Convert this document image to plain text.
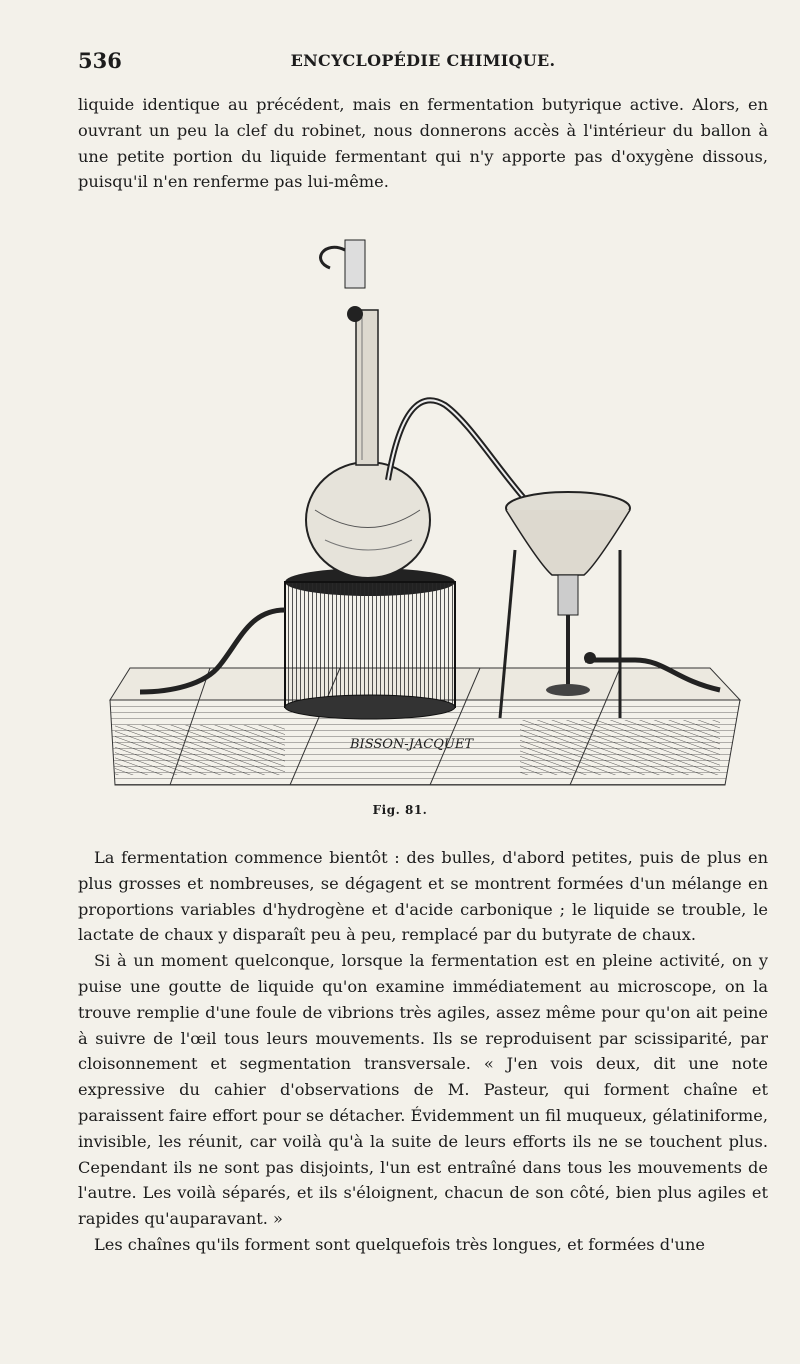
536	ENCYCLOPÉDIE CHIMIQUE.

liquide identique au précédent, mais en fermentation butyrique active. Alors, en ouvrant un peu la clef du robinet, nous donnerons accès à l'intérieur du ballon à une petite portion du liquide fermentant qui n'y apporte pas d'oxygène dissous, puisqu'il n'en renferme pas lui-même.

BISSON-JACQUET
Fig. 81.

La fermentation commence bientôt : des bulles, d'abord petites, puis de plus en plus grosses et nombreuses, se dégagent et se montrent formées d'un mélange en proportions variables d'hydrogène et d'acide carbonique ; le liquide se trouble, le lactate de chaux y disparaît peu à peu, remplacé par du butyrate de chaux.

Si à un moment quelconque, lorsque la fermentation est en pleine activité, on y puise une goutte de liquide qu'on examine immédiatement au microscope, on la trouve remplie d'une foule de vibrions très agiles, assez même pour qu'on ait peine à suivre de l'œil tous leurs mouvements. Ils se reproduisent par scissiparité, par cloisonnement et segmentation transversale. « J'en vois deux, dit une note expressive du cahier d'observations de M. Pasteur, qui forment chaîne et paraissent faire effort pour se détacher. Évidemment un fil muqueux, gélatiniforme, invisible, les réunit, car voilà qu'à la suite de leurs efforts ils ne se touchent plus. Cependant ils ne sont pas disjoints, l'un est entraîné dans tous les mouvements de l'autre. Les voilà séparés, et ils s'éloignent, chacun de son côté, bien plus agiles et rapides qu'auparavant. »

Les chaînes qu'ils forment sont quelquefois très longues, et formées d'une
